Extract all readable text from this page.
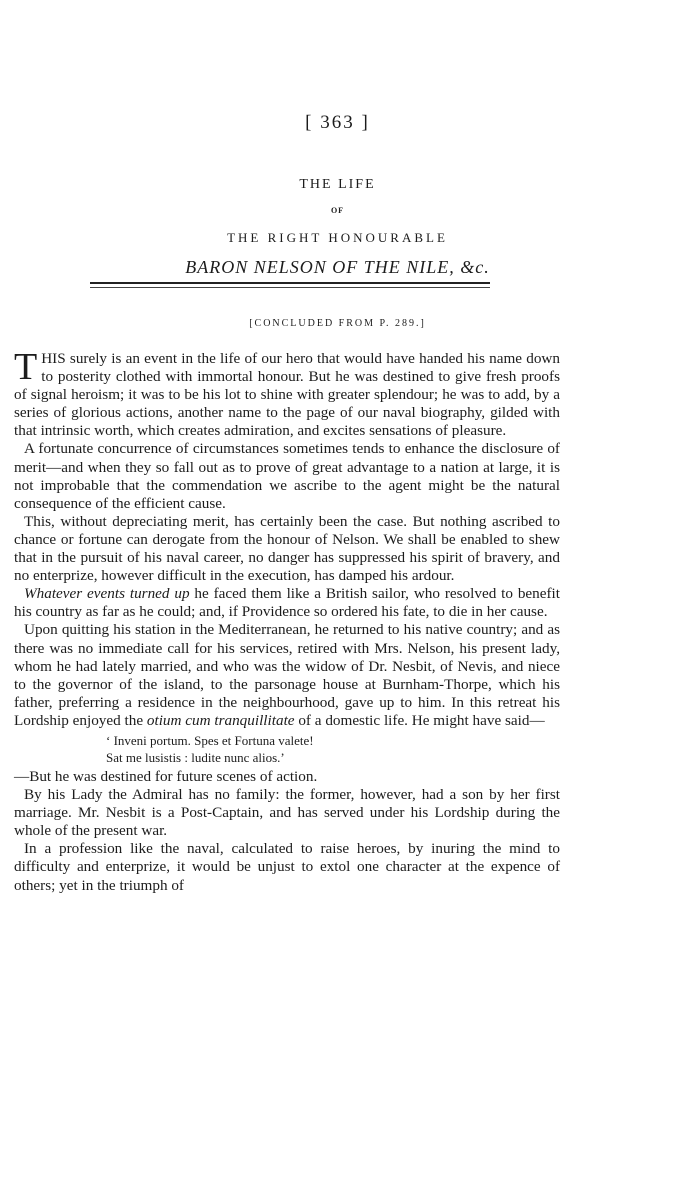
[ 363 ]
THE LIFE
OF
THE RIGHT HONOURABLE
BARON NELSON OF THE NILE, &c.
[CONCLUDED FROM P. 289.]

THIS surely is an event in the life of our hero that would have handed his name down to posterity clothed with immortal honour. But he was destined to give fresh proofs of signal heroism; it was to be his lot to shine with greater splendour; he was to add, by a series of glorious actions, another name to the page of our naval biography, gilded with that intrinsic worth, which creates admiration, and excites sensations of pleasure.

A fortunate concurrence of circumstances sometimes tends to enhance the disclosure of merit—and when they so fall out as to prove of great advantage to a nation at large, it is not improbable that the commendation we ascribe to the agent might be the natural consequence of the efficient cause.

This, without depreciating merit, has certainly been the case. But nothing ascribed to chance or fortune can derogate from the honour of Nelson. We shall be enabled to shew that in the pursuit of his naval career, no danger has suppressed his spirit of bravery, and no enterprize, however difficult in the execution, has damped his ardour.

Whatever events turned up he faced them like a British sailor, who resolved to benefit his country as far as he could; and, if Providence so ordered his fate, to die in her cause.

Upon quitting his station in the Mediterranean, he returned to his native country; and as there was no immediate call for his services, retired with Mrs. Nelson, his present lady, whom he had lately married, and who was the widow of Dr. Nesbit, of Nevis, and niece to the governor of the island, to the parsonage house at Burnham-Thorpe, which his father, preferring a residence in the neighbourhood, gave up to him. In this retreat his Lordship enjoyed the otium cum tranquillitate of a domestic life. He might have said—

‘ Inveni portum. Spes et Fortuna valete!
Sat me lusistis : ludite nunc alios.’

—But he was destined for future scenes of action.

By his Lady the Admiral has no family: the former, however, had a son by her first marriage. Mr. Nesbit is a Post-Captain, and has served under his Lordship during the whole of the present war.

In a profession like the naval, calculated to raise heroes, by inuring the mind to difficulty and enterprize, it would be unjust to extol one character at the expence of others; yet in the triumph of
